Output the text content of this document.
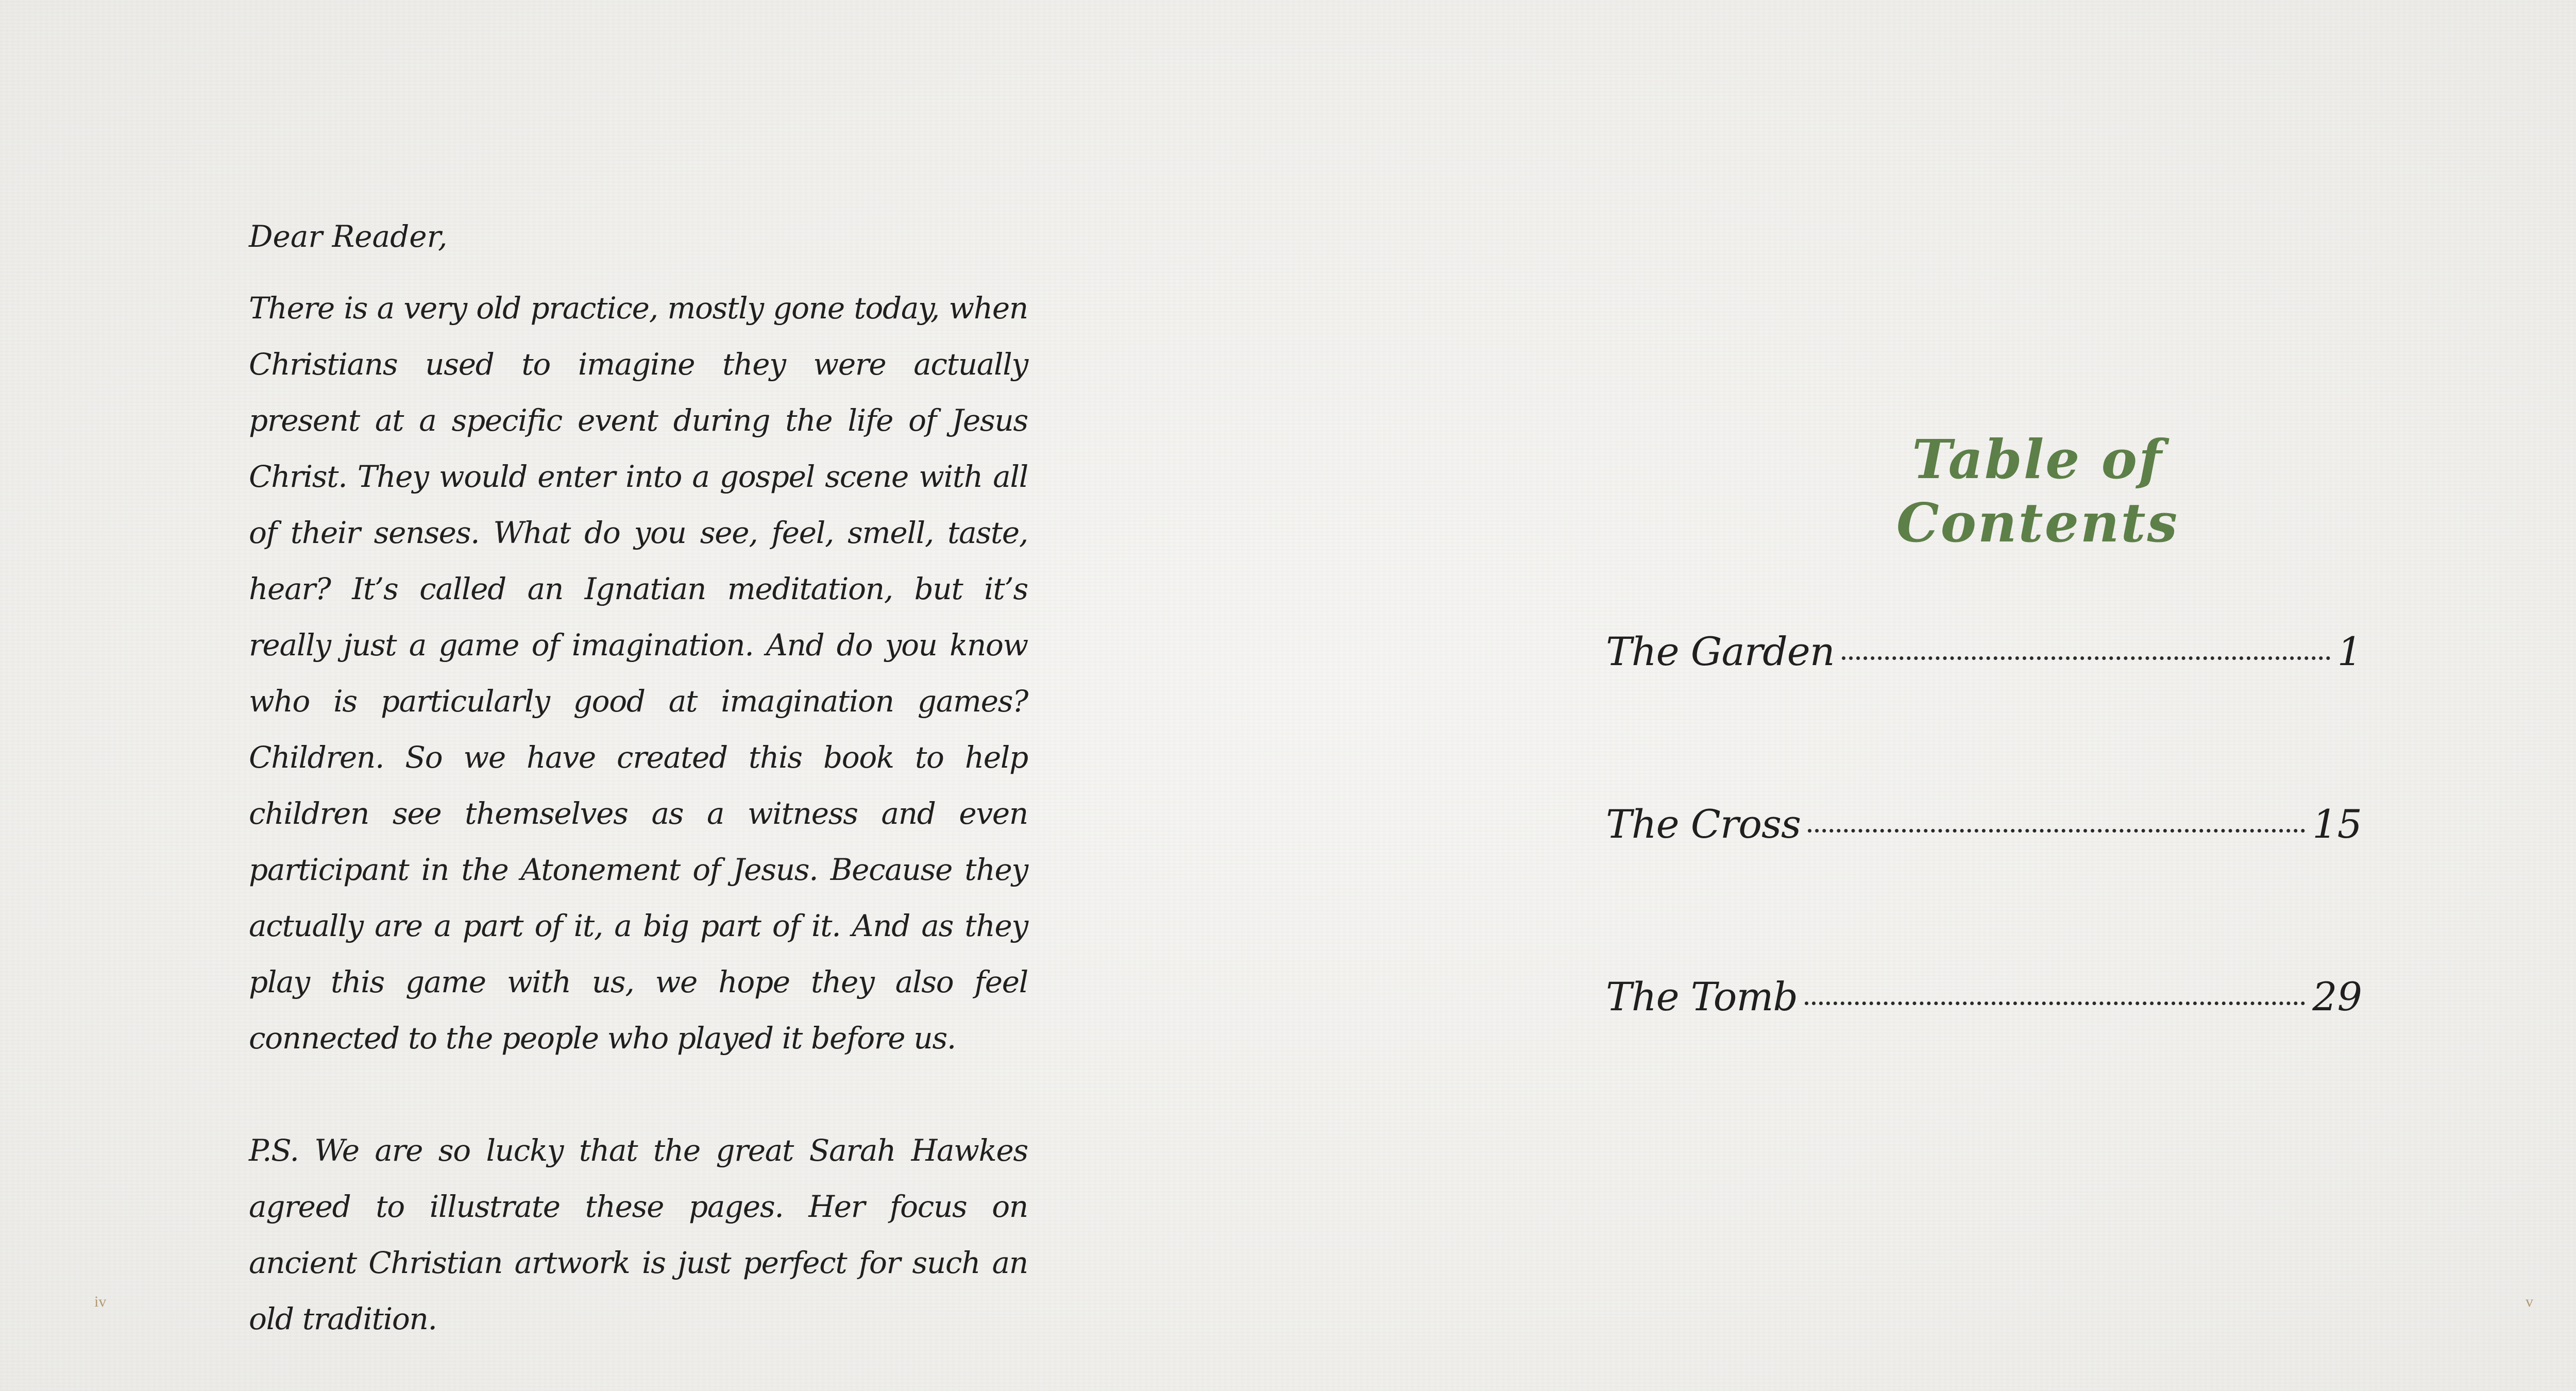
Dear Reader,

There is a very old practice, mostly gone today, when Christians used to imagine they were actually present at a specific event during the life of Jesus Christ. They would enter into a gospel scene with all of their senses. What do you see, feel, smell, taste, hear? It’s called an Ignatian meditation, but it’s really just a game of imagination. And do you know who is particularly good at imagination games? Children. So we have created this book to help children see themselves as a witness and even participant in the Atonement of Jesus. Because they actually are a part of it, a big part of it. And as they play this game with us, we hope they also feel connected to the people who played it before us.

P.S. We are so lucky that the great Sarah Hawkes agreed to illustrate these pages. Her focus on ancient Christian artwork is just perfect for such an old tradition.

iv
Table of Contents
The Garden	1
The Cross	15
The Tomb	29
v
